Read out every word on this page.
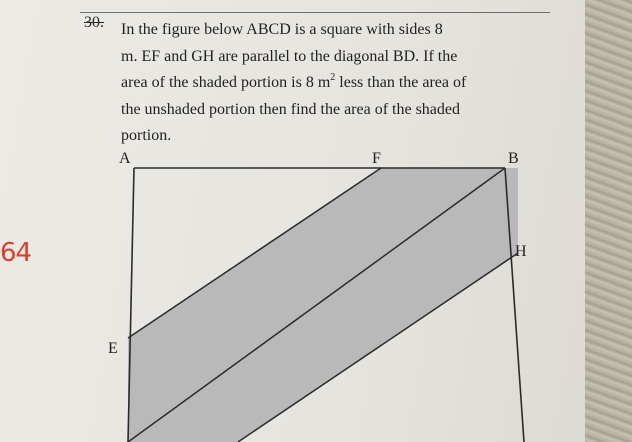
30. In the figure below ABCD is a square with sides 8
m. EF and GH are parallel to the diagonal BD. If the
area of the shaded portion is 8 $m^2$ less than the area of
the unshaded portion then find the area of the shaded
portion.

64
A	F	B
H
E
